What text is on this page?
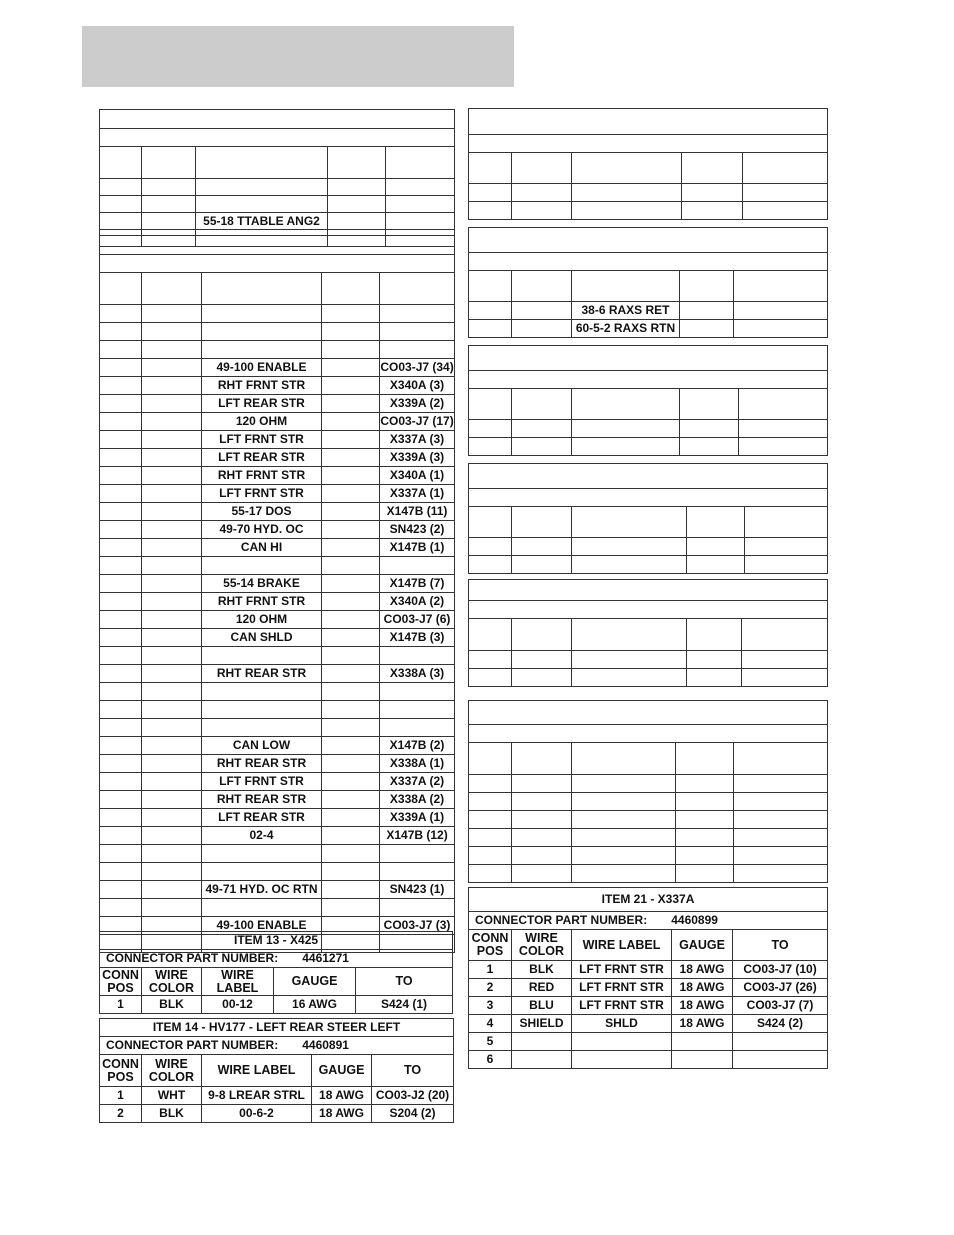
		55-18 TTABLE ANG2		

		49-100 ENABLE		CO03-J7 (34)
		RHT FRNT STR		X340A (3)
		LFT REAR STR		X339A (2)
		120 OHM		CO03-J7 (17)
		LFT FRNT STR		X337A (3)
		LFT REAR STR		X339A (3)
		RHT FRNT STR		X340A (1)
		LFT FRNT STR		X337A (1)
		55-17 DOS		X147B (11)
		49-70 HYD. OC		SN423 (2)
		CAN HI		X147B (1)

		55-14 BRAKE		X147B (7)
		RHT FRNT STR		X340A (2)
		120 OHM		CO03-J7 (6)
		CAN SHLD		X147B (3)

		RHT REAR STR		X338A (3)

		CAN LOW		X147B (2)
		RHT REAR STR		X338A (1)
		LFT FRNT STR		X337A (2)
		RHT REAR STR		X338A (2)
		LFT REAR STR		X339A (1)
		02-4		X147B (12)

		49-71 HYD. OC RTN		SN423 (1)

		49-100 ENABLE		CO03-J7 (3)

ITEM 13 - X425				
CONNECTOR PART NUMBER: 4461271				
CONN POS	WIRE COLOR	WIRE LABEL	GAUGE	TO
1	BLK	00-12	16 AWG	S424 (1)
ITEM 14 - HV177 - LEFT REAR STEER LEFT				
CONNECTOR PART NUMBER: 4460891				
CONN POS	WIRE COLOR	WIRE LABEL	GAUGE	TO
1	WHT	9-8 LREAR STRL	18 AWG	CO03-J2 (20)
2	BLK	00-6-2	18 AWG	S204 (2)

		38-6 RAXS RET		
		60-5-2 RAXS RTN		

ITEM 21 - X337A				
CONNECTOR PART NUMBER: 4460899				
CONN POS	WIRE COLOR	WIRE LABEL	GAUGE	TO
1	BLK	LFT FRNT STR	18 AWG	CO03-J7 (10)
2	RED	LFT FRNT STR	18 AWG	CO03-J7 (26)
3	BLU	LFT FRNT STR	18 AWG	CO03-J7 (7)
4	SHIELD	SHLD	18 AWG	S424 (2)
5				
6				
